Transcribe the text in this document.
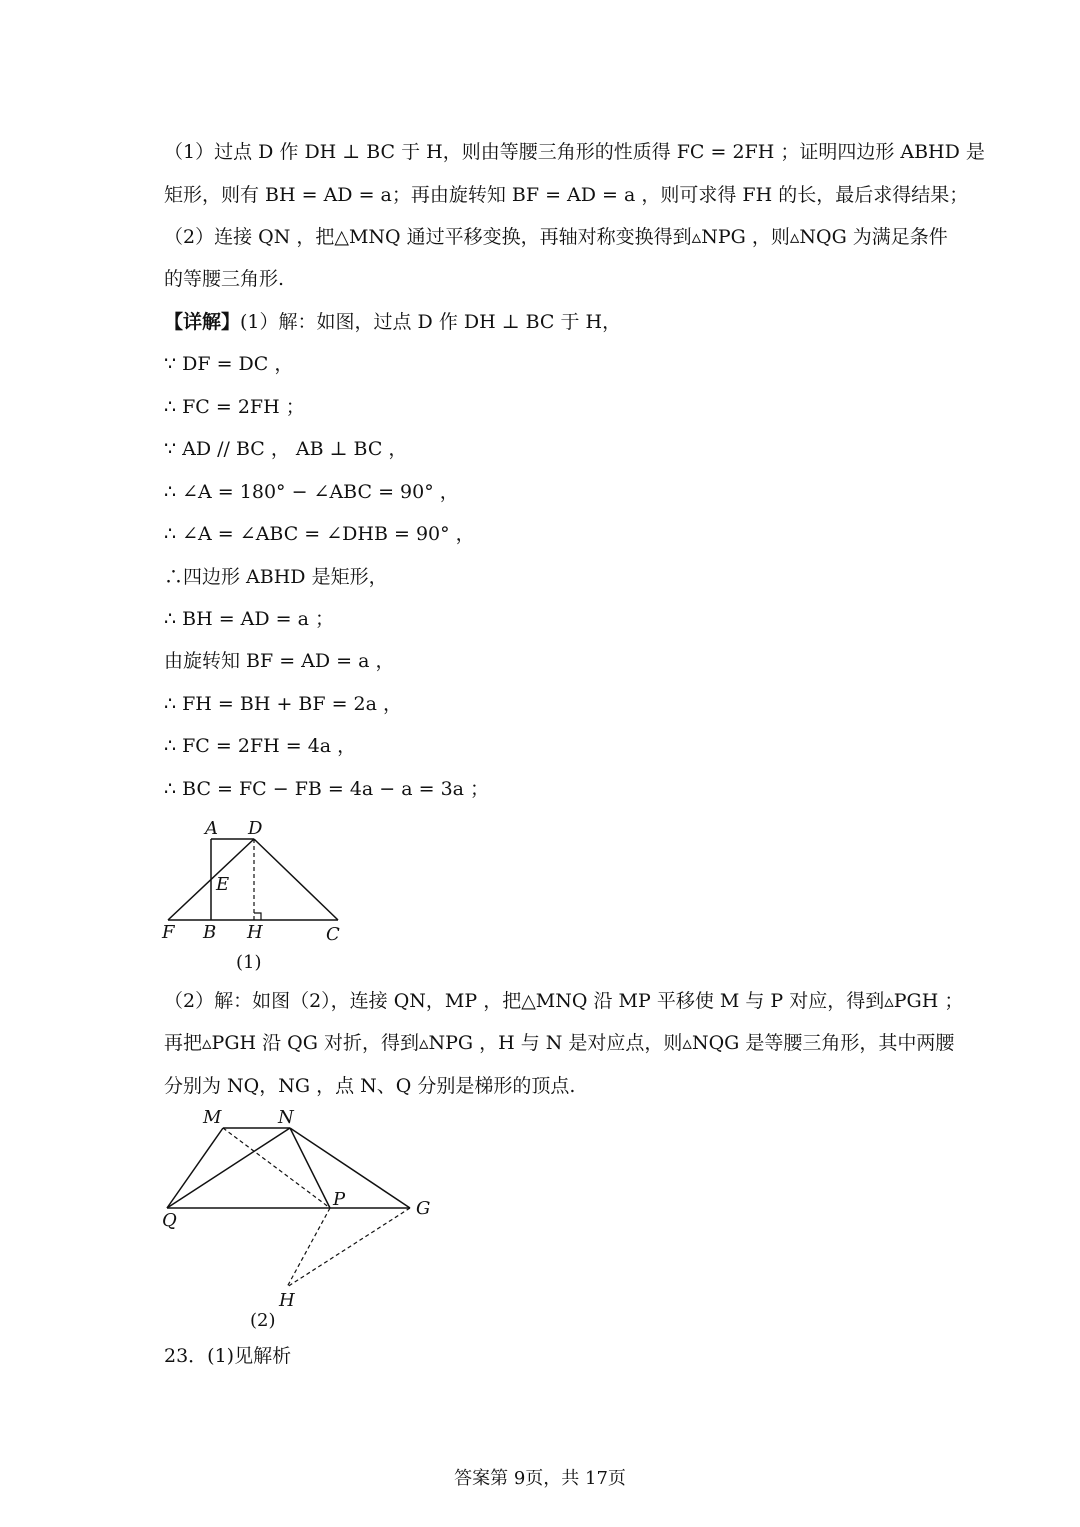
（1）过点 D 作 DH ⊥ BC 于 H，则由等腰三角形的性质得 FC = 2FH ；证明四边形 ABHD 是
矩形，则有 BH = AD = a；再由旋转知 BF = AD = a ，则可求得 FH 的长，最后求得结果；
（2）连接 QN ，把△MNQ 通过平移变换，再轴对称变换得到▵NPG ，则▵NQG 为满足条件
的等腰三角形.
【详解】(1）解：如图，过点 D 作 DH ⊥ BC 于 H，
∵ DF = DC ，
∴ FC = 2FH ；
∵ AD // BC ， AB ⊥ BC ，
∴ ∠A = 180° − ∠ABC = 90° ，
∴ ∠A = ∠ABC = ∠DHB = 90° ，
∴四边形 ABHD 是矩形，
∴ BH = AD = a ；
由旋转知 BF = AD = a ，
∴ FH = BH + BF = 2a ，
∴ FC = 2FH = 4a ，
∴ BC = FC − FB = 4a − a = 3a ；
A D
E
F B H	C
(1)
（2）解：如图（2），连接 QN，MP ，把△MNQ 沿 MP 平移使 M 与 P 对应，得到▵PGH ；
再把▵PGH 沿 QG 对折，得到▵NPG ，H 与 N 是对应点，则▵NQG 是等腰三角形，其中两腰
分别为 NQ，NG ，点 N、Q 分别是梯形的顶点.
M	N
Q
P	G
H
(2)
23．(1)见解析
答案第 9页，共 17页
